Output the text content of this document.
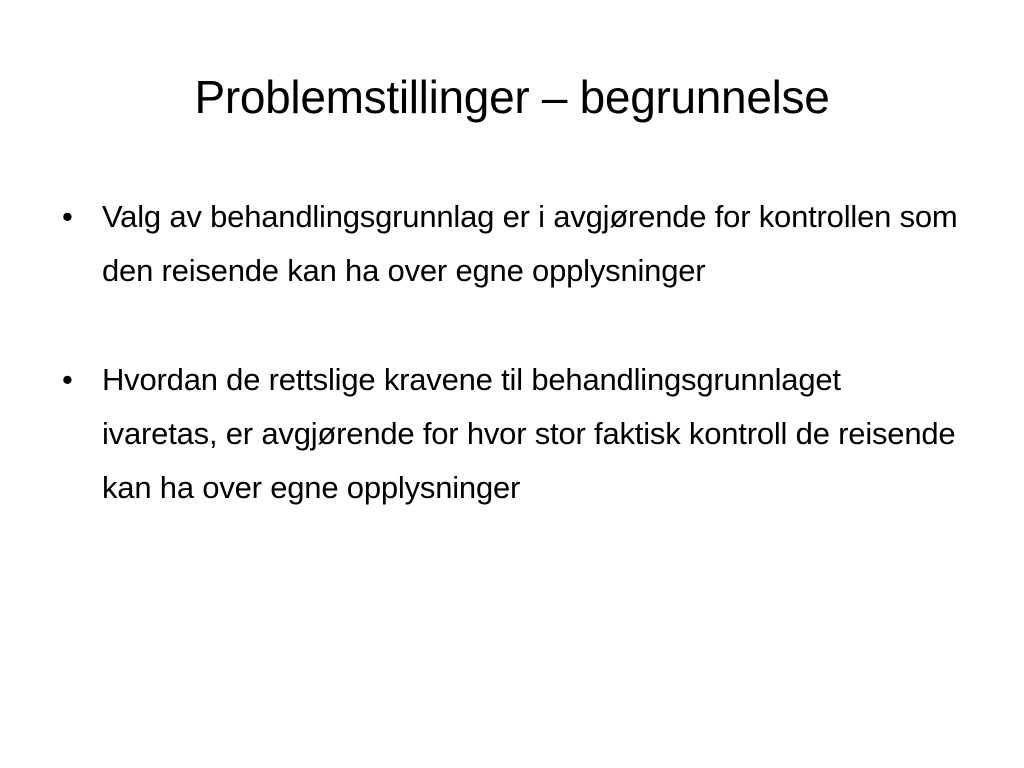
Problemstillinger – begrunnelse
• Valg av behandlingsgrunnlag er i avgjørende for kontrollen som den reisende kan ha over egne opplysninger
• Hvordan de rettslige kravene til behandlingsgrunnlaget ivaretas, er avgjørende for hvor stor faktisk kontroll de reisende kan ha over egne opplysninger
